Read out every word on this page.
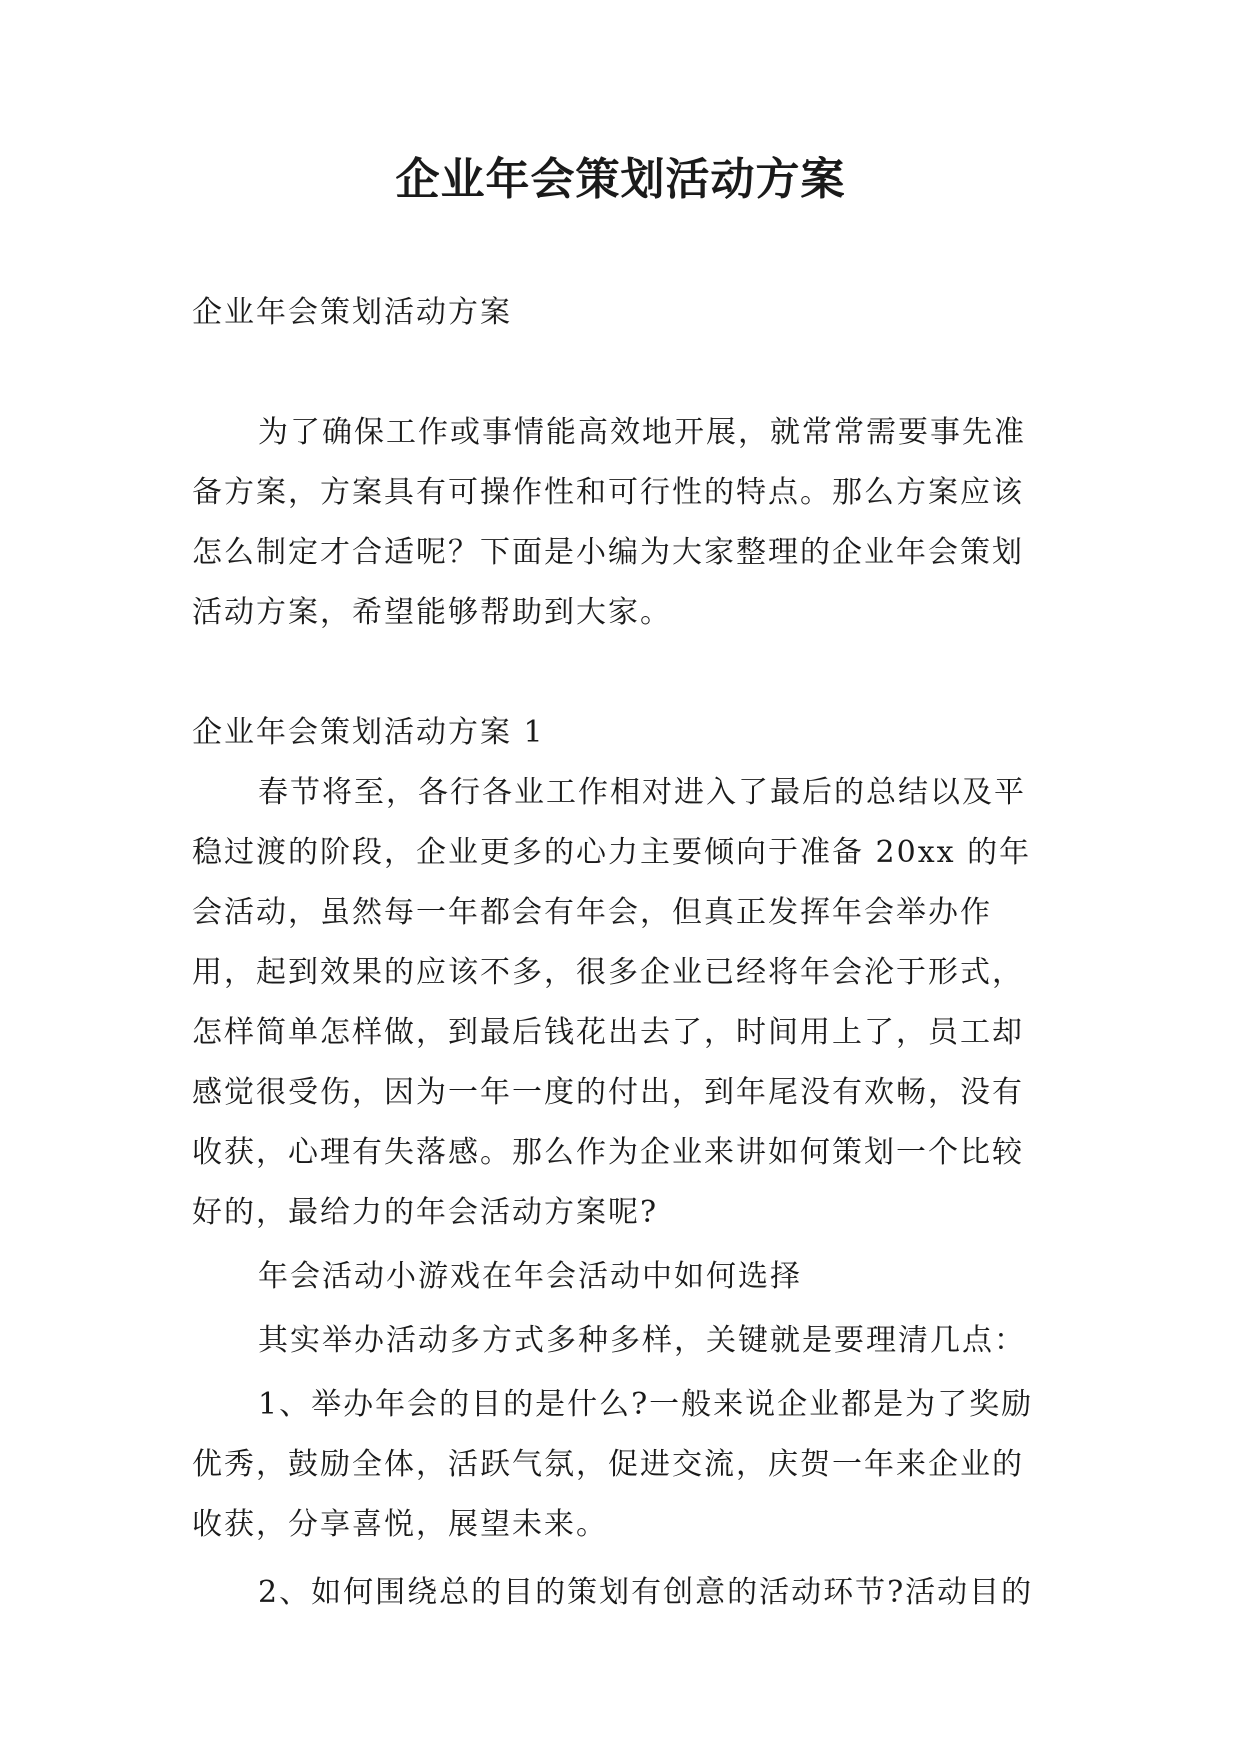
企业年会策划活动方案

企业年会策划活动方案

为了确保工作或事情能高效地开展，就常常需要事先准备方案，方案具有可操作性和可行性的特点。那么方案应该怎么制定才合适呢？下面是小编为大家整理的企业年会策划活动方案，希望能够帮助到大家。

企业年会策划活动方案 1

春节将至，各行各业工作相对进入了最后的总结以及平稳过渡的阶段，企业更多的心力主要倾向于准备 20xx 的年会活动，虽然每一年都会有年会，但真正发挥年会举办作用，起到效果的应该不多，很多企业已经将年会沦于形式，怎样简单怎样做，到最后钱花出去了，时间用上了，员工却感觉很受伤，因为一年一度的付出，到年尾没有欢畅，没有收获，心理有失落感。那么作为企业来讲如何策划一个比较好的，最给力的年会活动方案呢?

年会活动小游戏在年会活动中如何选择

其实举办活动多方式多种多样，关键就是要理清几点：

1、举办年会的目的是什么?一般来说企业都是为了奖励优秀，鼓励全体，活跃气氛，促进交流，庆贺一年来企业的收获，分享喜悦，展望未来。

2、如何围绕总的目的策划有创意的活动环节?活动目的
